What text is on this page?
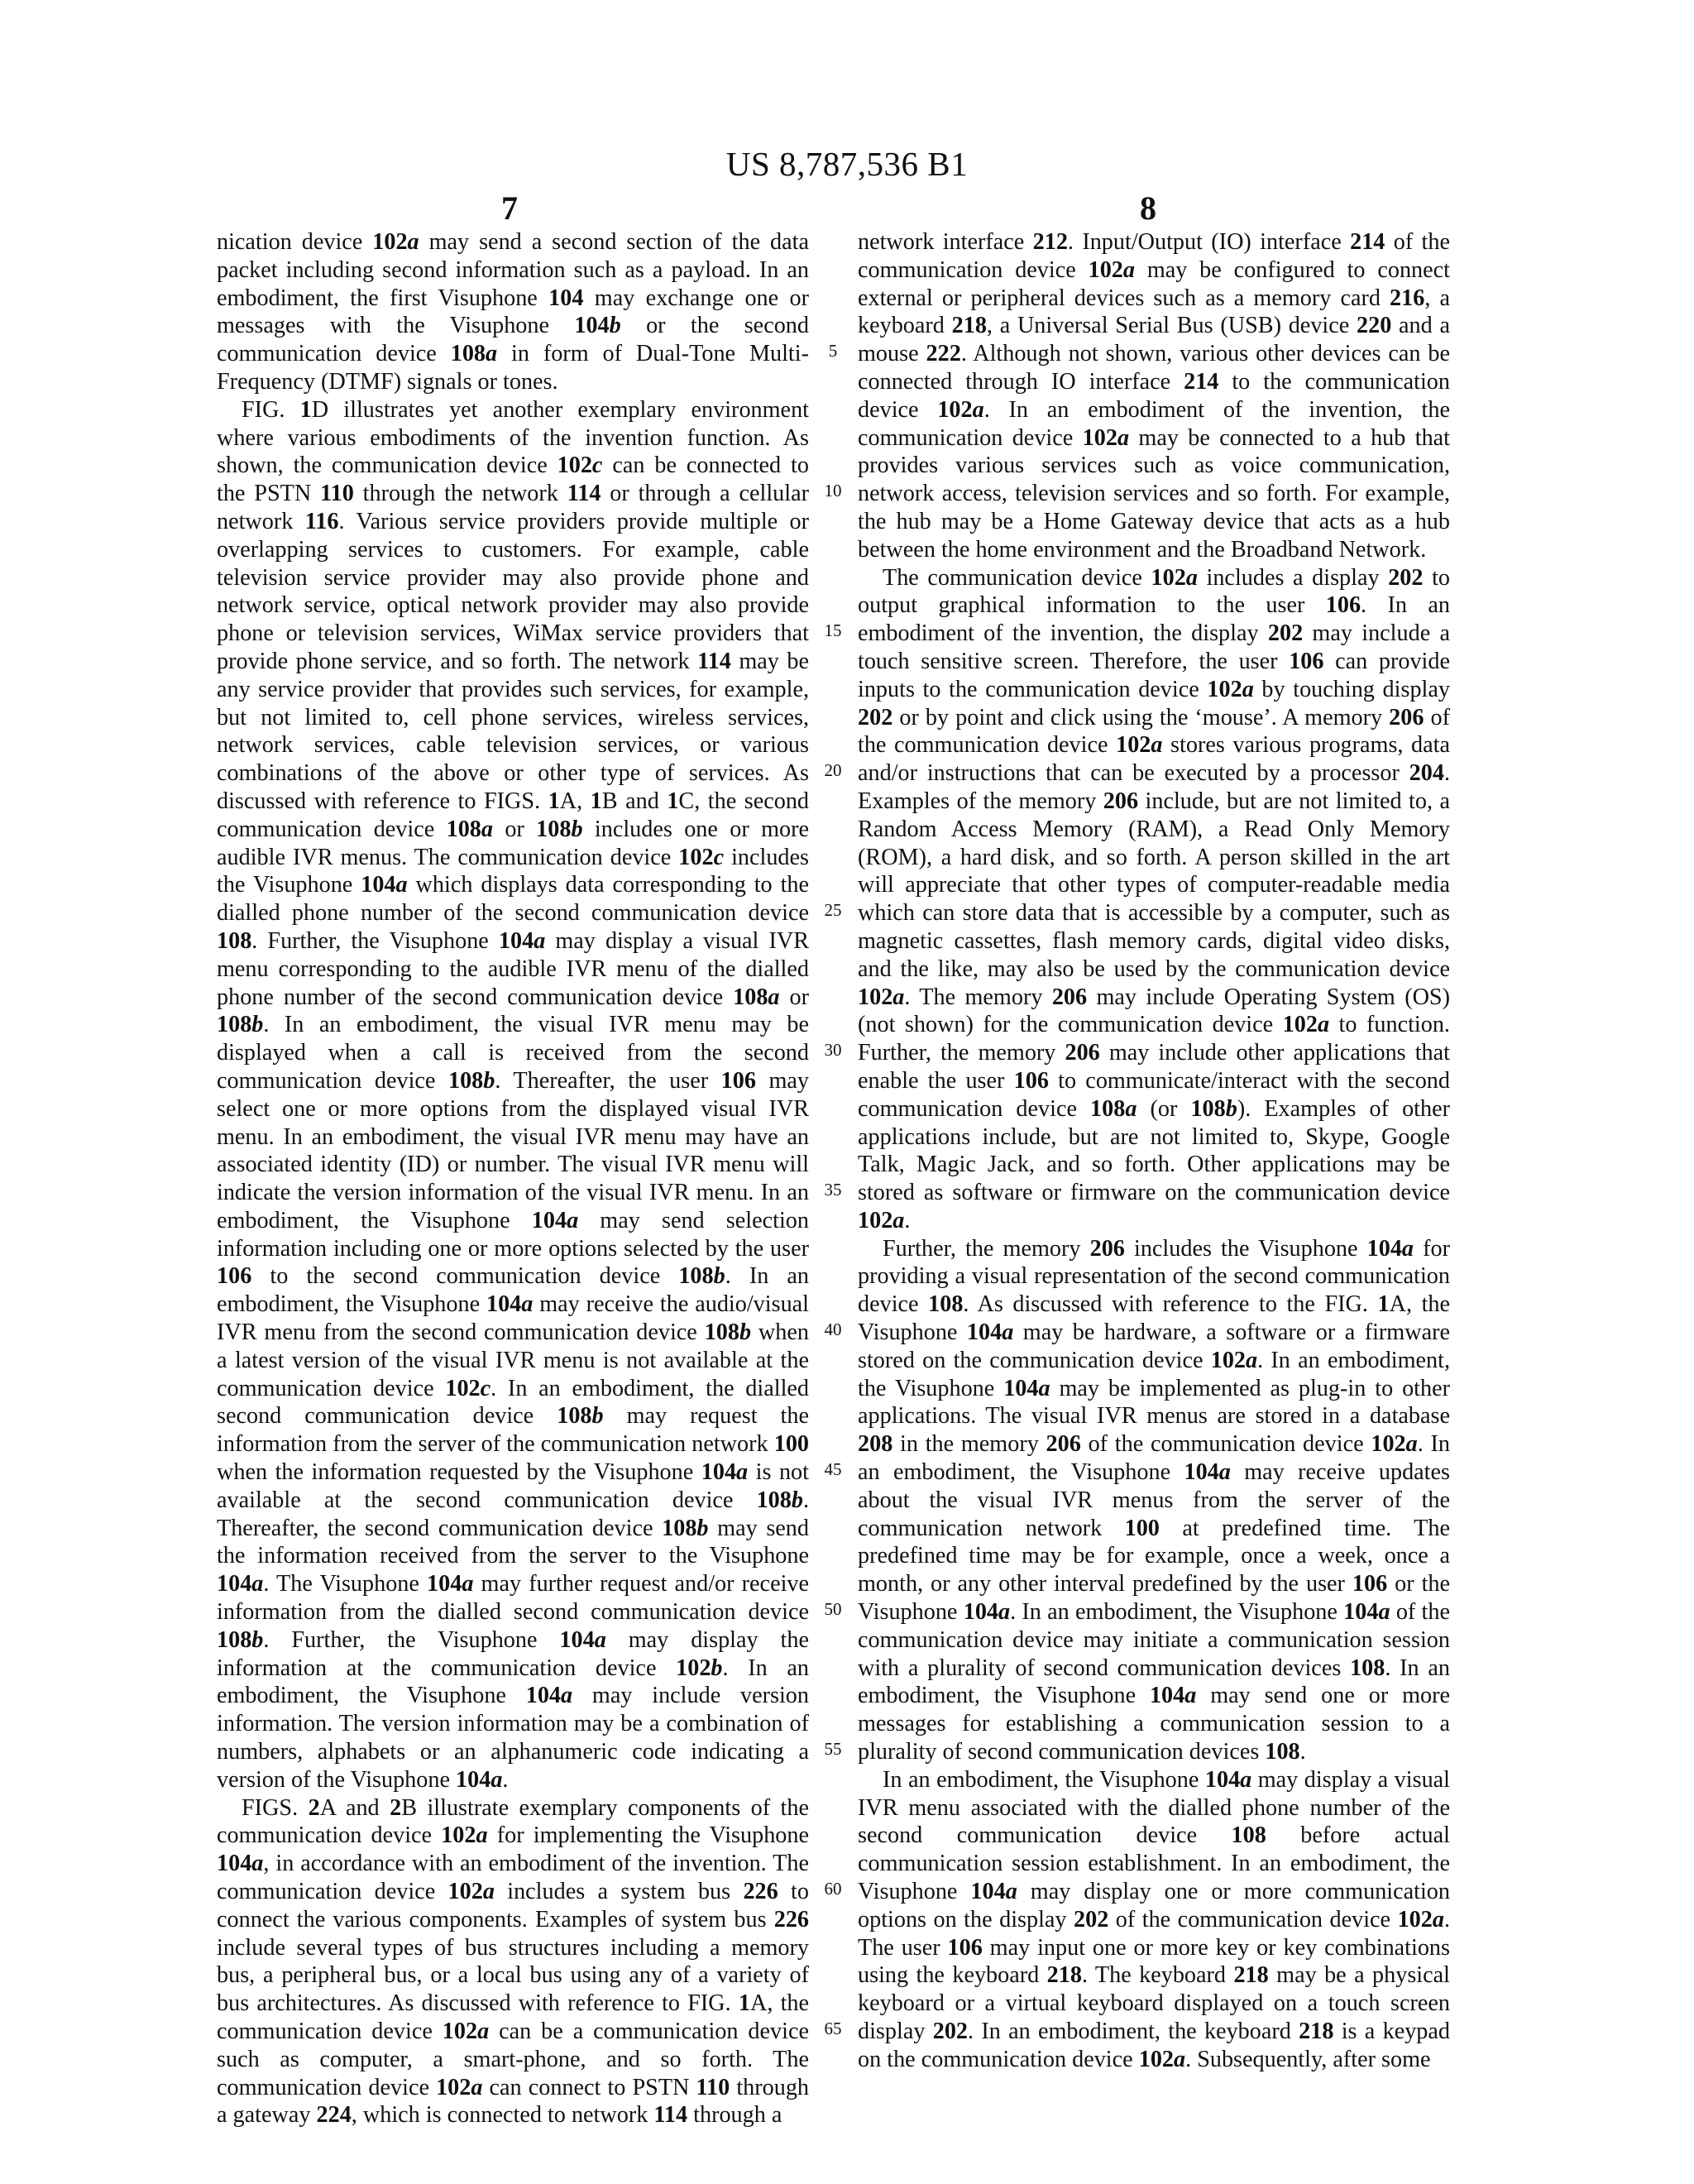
US 8,787,536 B1
7	8

nication device 102a may send a second section of the data packet including second information such as a payload. In an embodiment, the first Visuphone 104 may exchange one or messages with the Visuphone 104b or the second communication device 108a in form of Dual-Tone Multi-Frequency (DTMF) signals or tones.

FIG. 1D illustrates yet another exemplary environment where various embodiments of the invention function. As shown, the communication device 102c can be connected to the PSTN 110 through the network 114 or through a cellular network 116. Various service providers provide multiple or overlapping services to customers. For example, cable television service provider may also provide phone and network service, optical network provider may also provide phone or television services, WiMax service providers that provide phone service, and so forth. The network 114 may be any service provider that provides such services, for example, but not limited to, cell phone services, wireless services, network services, cable television services, or various combinations of the above or other type of services. As discussed with reference to FIGS. 1A, 1B and 1C, the second communication device 108a or 108b includes one or more audible IVR menus. The communication device 102c includes the Visuphone 104a which displays data corresponding to the dialled phone number of the second communication device 108. Further, the Visuphone 104a may display a visual IVR menu corresponding to the audible IVR menu of the dialled phone number of the second communication device 108a or 108b. In an embodiment, the visual IVR menu may be displayed when a call is received from the second communication device 108b. Thereafter, the user 106 may select one or more options from the displayed visual IVR menu. In an embodiment, the visual IVR menu may have an associated identity (ID) or number. The visual IVR menu will indicate the version information of the visual IVR menu. In an embodiment, the Visuphone 104a may send selection information including one or more options selected by the user 106 to the second communication device 108b. In an embodiment, the Visuphone 104a may receive the audio/visual IVR menu from the second communication device 108b when a latest version of the visual IVR menu is not available at the communication device 102c. In an embodiment, the dialled second communication device 108b may request the information from the server of the communication network 100 when the information requested by the Visuphone 104a is not available at the second communication device 108b. Thereafter, the second communication device 108b may send the information received from the server to the Visuphone 104a. The Visuphone 104a may further request and/or receive information from the dialled second communication device 108b. Further, the Visuphone 104a may display the information at the communication device 102b. In an embodiment, the Visuphone 104a may include version information. The version information may be a combination of numbers, alphabets or an alphanumeric code indicating a version of the Visuphone 104a.

FIGS. 2A and 2B illustrate exemplary components of the communication device 102a for implementing the Visuphone 104a, in accordance with an embodiment of the invention. The communication device 102a includes a system bus 226 to connect the various components. Examples of system bus 226 include several types of bus structures including a memory bus, a peripheral bus, or a local bus using any of a variety of bus architectures. As discussed with reference to FIG. 1A, the communication device 102a can be a communication device such as computer, a smart-phone, and so forth. The communication device 102a can connect to PSTN 110 through a gateway 224, which is connected to network 114 through a

5
10
15
20
25
30
35
40
45
50
55
60
65

network interface 212. Input/Output (IO) interface 214 of the communication device 102a may be configured to connect external or peripheral devices such as a memory card 216, a keyboard 218, a Universal Serial Bus (USB) device 220 and a mouse 222. Although not shown, various other devices can be connected through IO interface 214 to the communication device 102a. In an embodiment of the invention, the communication device 102a may be connected to a hub that provides various services such as voice communication, network access, television services and so forth. For example, the hub may be a Home Gateway device that acts as a hub between the home environment and the Broadband Network.

The communication device 102a includes a display 202 to output graphical information to the user 106. In an embodiment of the invention, the display 202 may include a touch sensitive screen. Therefore, the user 106 can provide inputs to the communication device 102a by touching display 202 or by point and click using the ‘mouse’. A memory 206 of the communication device 102a stores various programs, data and/or instructions that can be executed by a processor 204. Examples of the memory 206 include, but are not limited to, a Random Access Memory (RAM), a Read Only Memory (ROM), a hard disk, and so forth. A person skilled in the art will appreciate that other types of computer-readable media which can store data that is accessible by a computer, such as magnetic cassettes, flash memory cards, digital video disks, and the like, may also be used by the communication device 102a. The memory 206 may include Operating System (OS) (not shown) for the communication device 102a to function. Further, the memory 206 may include other applications that enable the user 106 to communicate/interact with the second communication device 108a (or 108b). Examples of other applications include, but are not limited to, Skype, Google Talk, Magic Jack, and so forth. Other applications may be stored as software or firmware on the communication device 102a.

Further, the memory 206 includes the Visuphone 104a for providing a visual representation of the second communication device 108. As discussed with reference to the FIG. 1A, the Visuphone 104a may be hardware, a software or a firmware stored on the communication device 102a. In an embodiment, the Visuphone 104a may be implemented as plug-in to other applications. The visual IVR menus are stored in a database 208 in the memory 206 of the communication device 102a. In an embodiment, the Visuphone 104a may receive updates about the visual IVR menus from the server of the communication network 100 at predefined time. The predefined time may be for example, once a week, once a month, or any other interval predefined by the user 106 or the Visuphone 104a. In an embodiment, the Visuphone 104a of the communication device may initiate a communication session with a plurality of second communication devices 108. In an embodiment, the Visuphone 104a may send one or more messages for establishing a communication session to a plurality of second communication devices 108.

In an embodiment, the Visuphone 104a may display a visual IVR menu associated with the dialled phone number of the second communication device 108 before actual communication session establishment. In an embodiment, the Visuphone 104a may display one or more communication options on the display 202 of the communication device 102a. The user 106 may input one or more key or key combinations using the keyboard 218. The keyboard 218 may be a physical keyboard or a virtual keyboard displayed on a touch screen display 202. In an embodiment, the keyboard 218 is a keypad on the communication device 102a. Subsequently, after some
